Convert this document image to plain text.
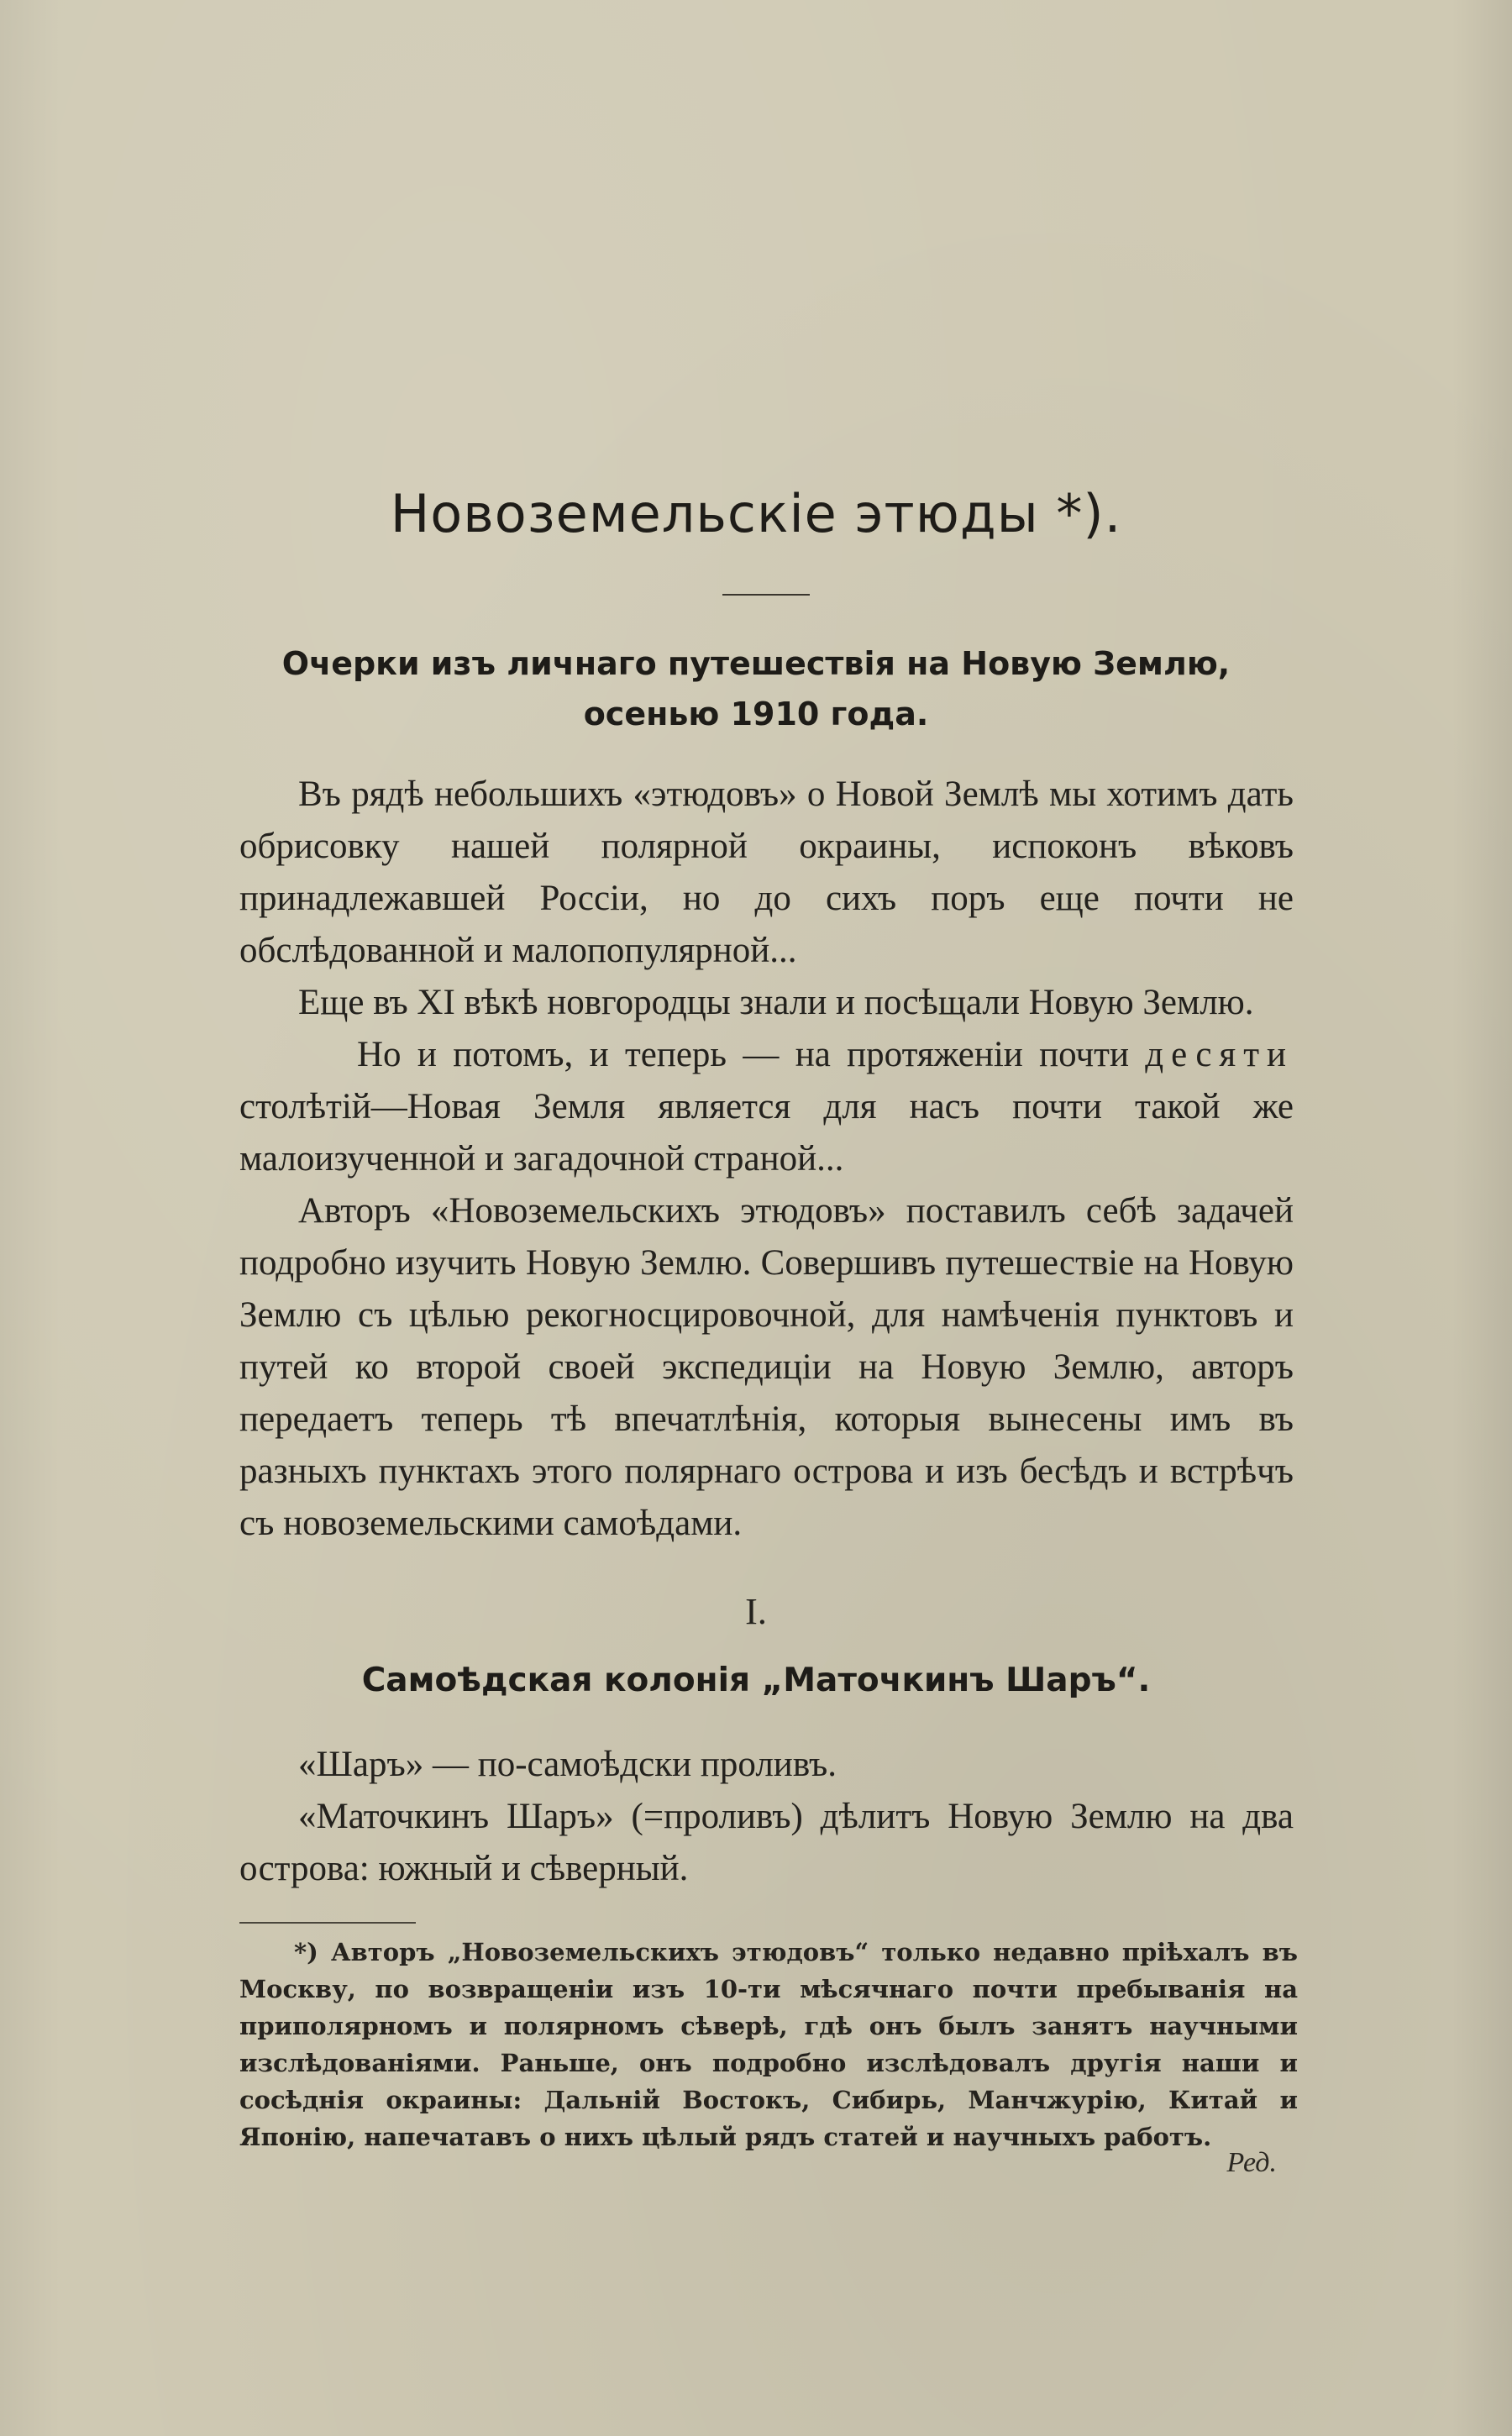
Новоземельскіе этюды *).
Очерки изъ личнаго путешествія на Новую Землю,
осенью 1910 года.

Въ рядѣ небольшихъ «этюдовъ» о Новой Землѣ мы хотимъ дать обрисовку нашей полярной окраины, испоконъ вѣковъ принадлежавшей Россіи, но до сихъ поръ еще почти не обслѣдованной и малопопулярной...

Еще въ XI вѣкѣ новгородцы знали и посѣщали Новую Землю.

Но и потомъ, и теперь — на протяженіи почти десяти столѣтій—Новая Земля является для насъ почти такой же малоизученной и загадочной страной...

Авторъ «Новоземельскихъ этюдовъ» поставилъ себѣ задачей подробно изучить Новую Землю. Совершивъ путешествіе на Новую Землю съ цѣлью рекогносцировочной, для намѣченія пунктовъ и путей ко второй своей экспедиціи на Новую Землю, авторъ передаетъ теперь тѣ впечатлѣнія, которыя вынесены имъ въ разныхъ пунктахъ этого полярнаго острова и изъ бесѣдъ и встрѣчъ съ новоземельскими самоѣдами.

I.
Самоѣдская колонія „Маточкинъ Шаръ“.

«Шаръ» — по-самоѣдски проливъ.

«Маточкинъ Шаръ» (=проливъ) дѣлитъ Новую Землю на два острова: южный и сѣверный.

*) Авторъ „Новоземельскихъ этюдовъ“ только недавно пріѣхалъ въ Москву, по возвращеніи изъ 10-ти мѣсячнаго почти пребыванія на приполярномъ и полярномъ сѣверѣ, гдѣ онъ былъ занятъ научными изслѣдованіями. Раньше, онъ подробно изслѣдовалъ другія наши и сосѣднія окраины: Дальній Востокъ, Сибирь, Манчжурію, Китай и Японію, напечатавъ о нихъ цѣлый рядъ статей и научныхъ работъ.

Ред.
